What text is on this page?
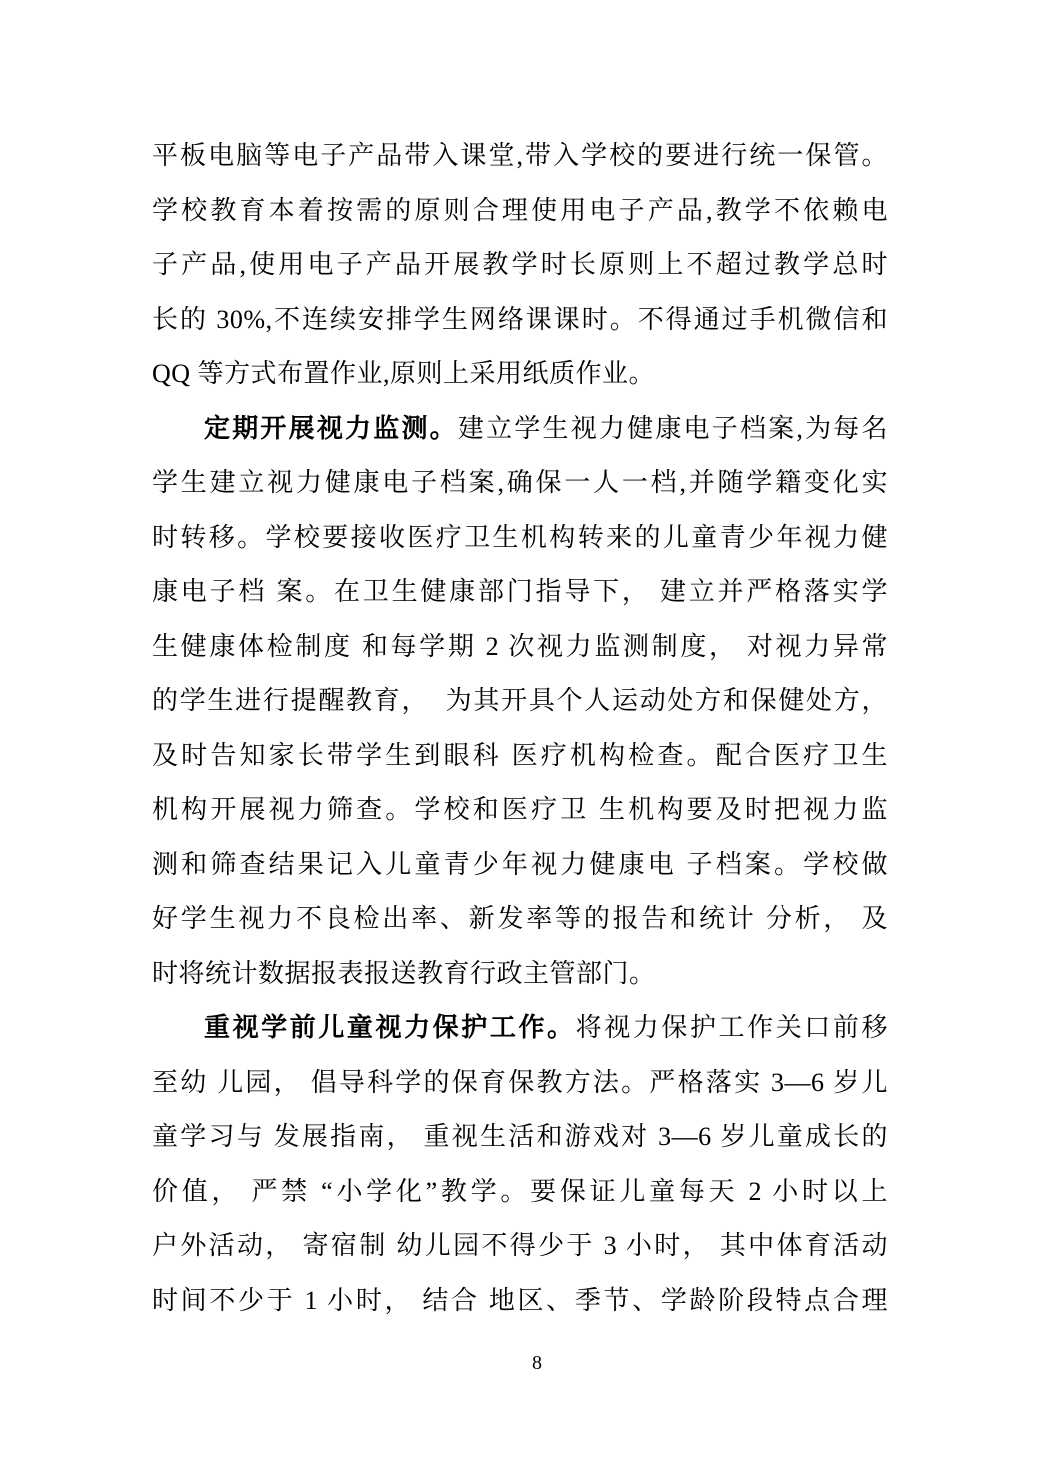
平板电脑等电子产品带入课堂,带入学校的要进行统一保管。
学校教育本着按需的原则合理使用电子产品,教学不依赖电
子产品,使用电子产品开展教学时长原则上不超过教学总时
长的 30%,不连续安排学生网络课课时。不得通过手机微信和
QQ 等方式布置作业,原则上采用纸质作业。
定期开展视力监测。建立学生视力健康电子档案,为每名
学生建立视力健康电子档案,确保一人一档,并随学籍变化实
时转移。学校要接收医疗卫生机构转来的儿童青少年视力健
康电子档 案。在卫生健康部门指导下， 建立并严格落实学
生健康体检制度 和每学期 2 次视力监测制度， 对视力异常
的学生进行提醒教育，  为其开具个人运动处方和保健处方，
及时告知家长带学生到眼科 医疗机构检查。配合医疗卫生
机构开展视力筛查。学校和医疗卫 生机构要及时把视力监
测和筛查结果记入儿童青少年视力健康电 子档案。学校做
好学生视力不良检出率、新发率等的报告和统计 分析， 及
时将统计数据报表报送教育行政主管部门。
重视学前儿童视力保护工作。将视力保护工作关口前移
至幼 儿园， 倡导科学的保育保教方法。严格落实 3—6 岁儿
童学习与 发展指南， 重视生活和游戏对 3—6 岁儿童成长的
价值， 严禁 “小学化”教学。要保证儿童每天 2 小时以上
户外活动， 寄宿制 幼儿园不得少于 3 小时， 其中体育活动
时间不少于 1 小时， 结合 地区、季节、学龄阶段特点合理
8
